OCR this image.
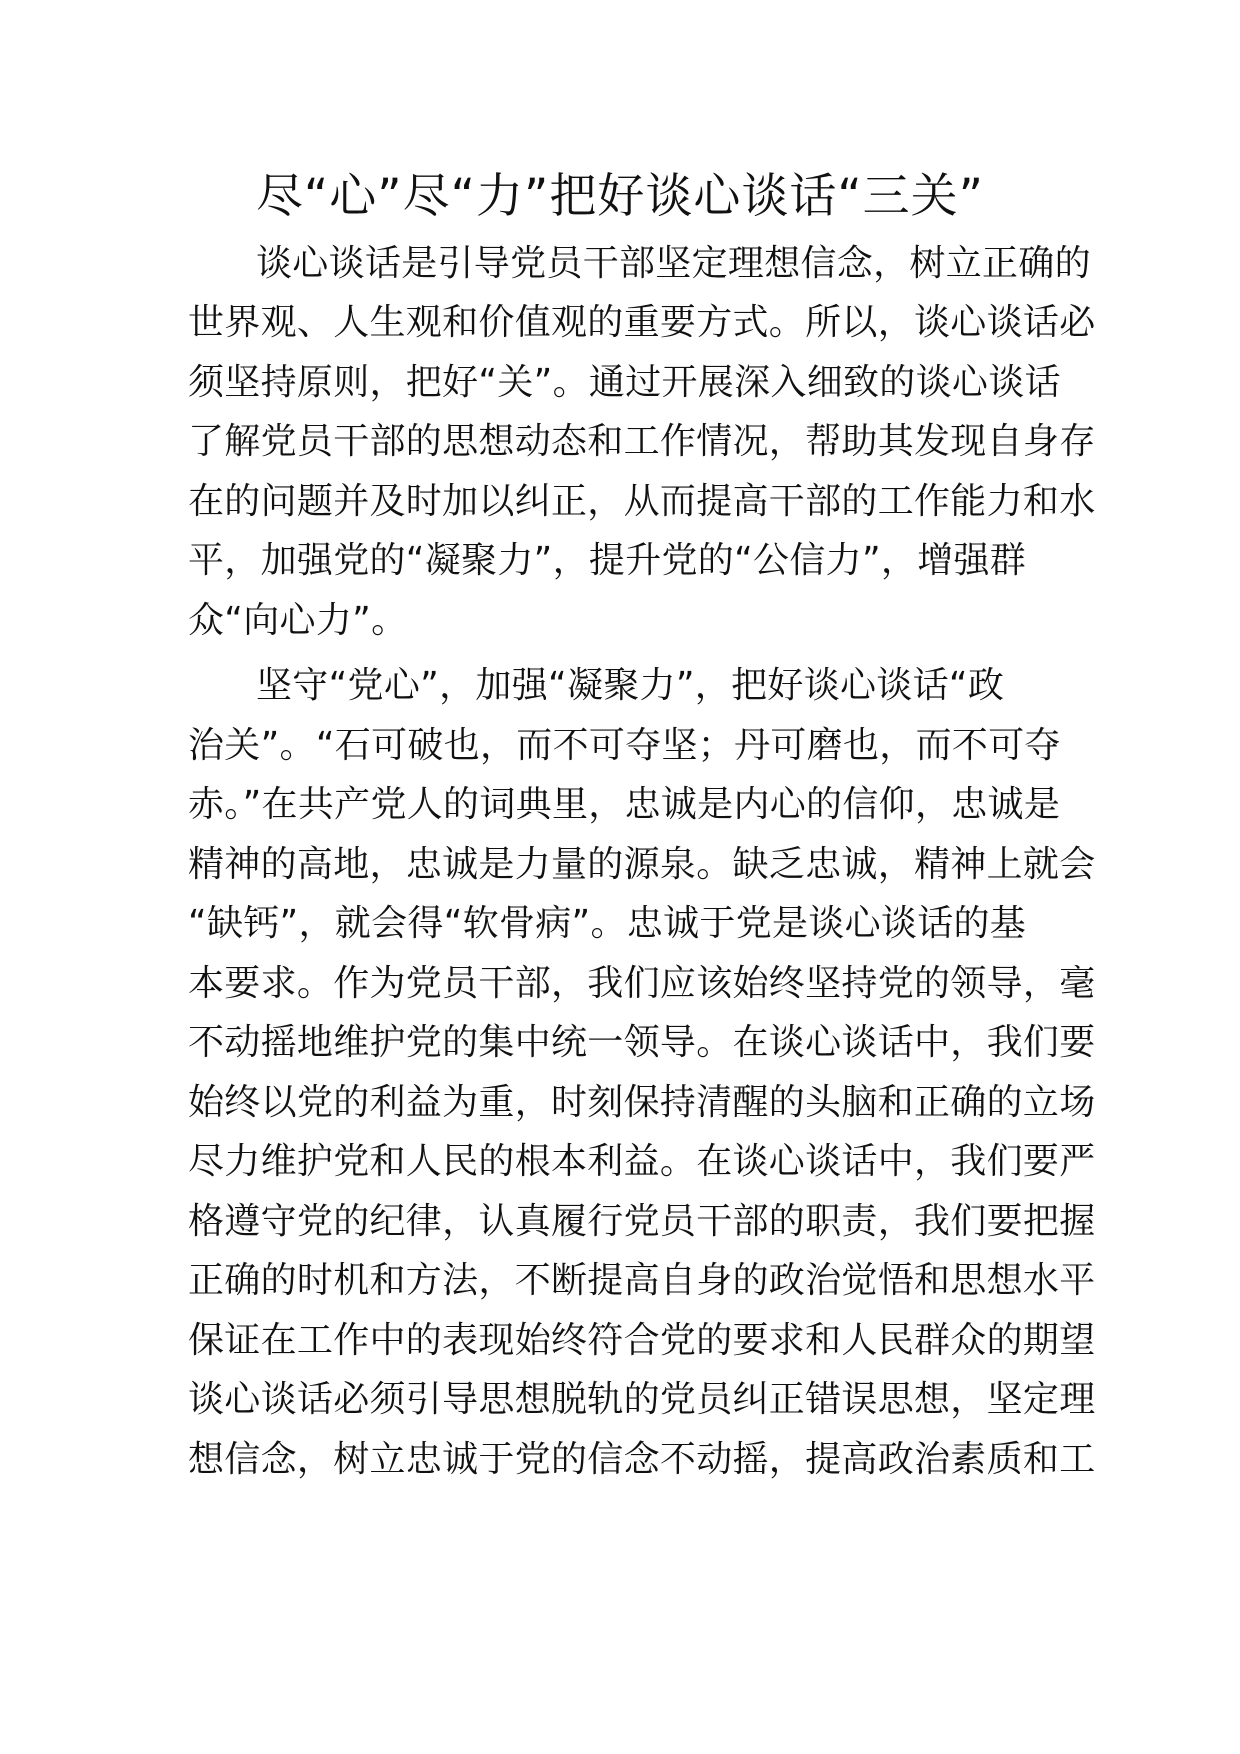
尽“心”尽“力”把好谈心谈话“三关”
谈心谈话是引导党员干部坚定理想信念，树立正确的
世界观、人生观和价值观的重要方式。所以，谈心谈话必
须坚持原则，把好“关”。通过开展深入细致的谈心谈话
了解党员干部的思想动态和工作情况，帮助其发现自身存
在的问题并及时加以纠正，从而提高干部的工作能力和水
平，加强党的“凝聚力”，提升党的“公信力”，增强群
众“向心力”。
坚守“党心”，加强“凝聚力”，把好谈心谈话“政
治关”。“石可破也，而不可夺坚；丹可磨也，而不可夺
赤。”在共产党人的词典里，忠诚是内心的信仰，忠诚是
精神的高地，忠诚是力量的源泉。缺乏忠诚，精神上就会
“缺钙”，就会得“软骨病”。忠诚于党是谈心谈话的基
本要求。作为党员干部，我们应该始终坚持党的领导，毫
不动摇地维护党的集中统一领导。在谈心谈话中，我们要
始终以党的利益为重，时刻保持清醒的头脑和正确的立场
尽力维护党和人民的根本利益。在谈心谈话中，我们要严
格遵守党的纪律，认真履行党员干部的职责，我们要把握
正确的时机和方法，不断提高自身的政治觉悟和思想水平
保证在工作中的表现始终符合党的要求和人民群众的期望
谈心谈话必须引导思想脱轨的党员纠正错误思想，坚定理
想信念，树立忠诚于党的信念不动摇，提高政治素质和工
